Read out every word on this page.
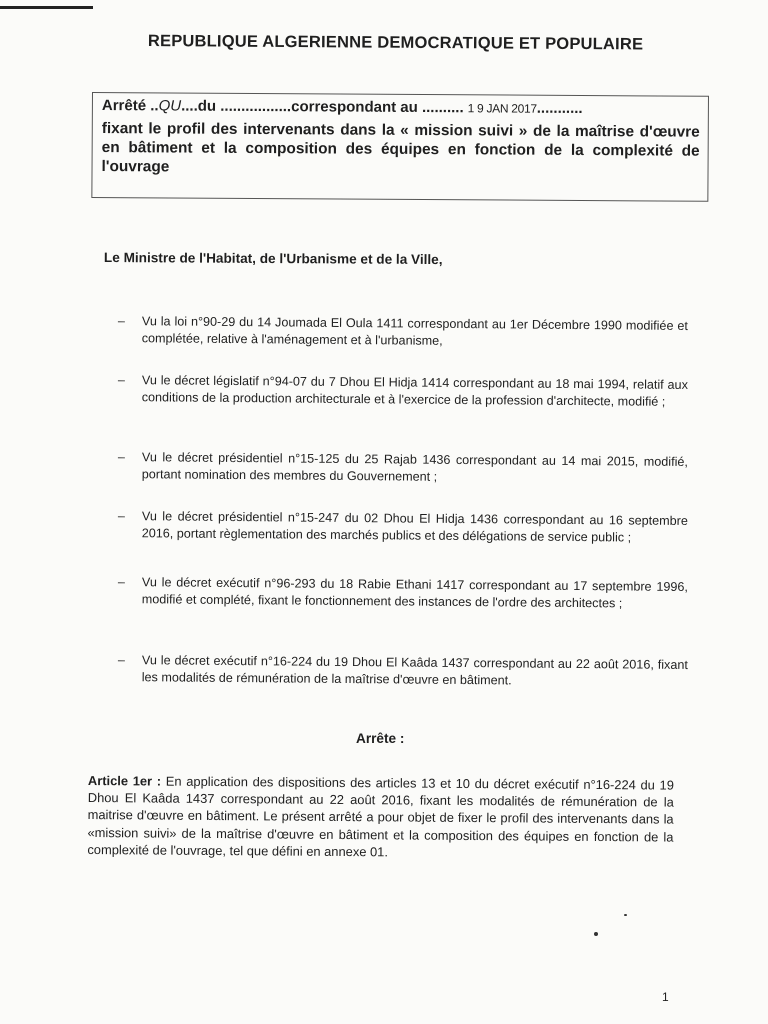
REPUBLIQUE ALGERIENNE DEMOCRATIQUE ET POPULAIRE
Arrêté ..QU....du .................correspondant au .......... 1 9 JAN 2017...........
fixant le profil des intervenants dans la « mission suivi » de la maîtrise d'œuvre en bâtiment et la composition des équipes en fonction de la complexité de l'ouvrage
Le Ministre de l'Habitat, de l'Urbanisme et de la Ville,
–	Vu la loi n°90-29 du 14 Joumada El Oula 1411 correspondant au 1er Décembre 1990 modifiée et complétée, relative à l'aménagement et à l'urbanisme,
–	Vu le décret législatif n°94-07 du 7 Dhou El Hidja 1414 correspondant au 18 mai 1994, relatif aux conditions de la production architecturale et à l'exercice de la profession d'architecte, modifié ;
–	Vu le décret présidentiel n°15-125 du 25 Rajab 1436 correspondant au 14 mai 2015, modifié, portant nomination des membres du Gouvernement ;
–	Vu le décret présidentiel n°15-247 du 02 Dhou El Hidja 1436 correspondant au 16 septembre 2016, portant règlementation des marchés publics et des délégations de service public ;
–	Vu le décret exécutif n°96-293 du 18 Rabie Ethani 1417 correspondant au 17 septembre 1996, modifié et complété, fixant le fonctionnement des instances de l'ordre des architectes ;
–	Vu le décret exécutif n°16-224 du 19 Dhou El Kaâda 1437 correspondant au 22 août 2016, fixant les modalités de rémunération de la maîtrise d'œuvre en bâtiment.
Arrête :
Article 1er : En application des dispositions des articles 13 et 10 du décret exécutif n°16-224 du 19 Dhou El Kaâda 1437 correspondant au 22 août 2016, fixant les modalités de rémunération de la maitrise d'œuvre en bâtiment. Le présent arrêté a pour objet de fixer le profil des intervenants dans la «mission suivi» de la maîtrise d'œuvre en bâtiment et la composition des équipes en fonction de la complexité de l'ouvrage, tel que défini en annexe 01.
1
